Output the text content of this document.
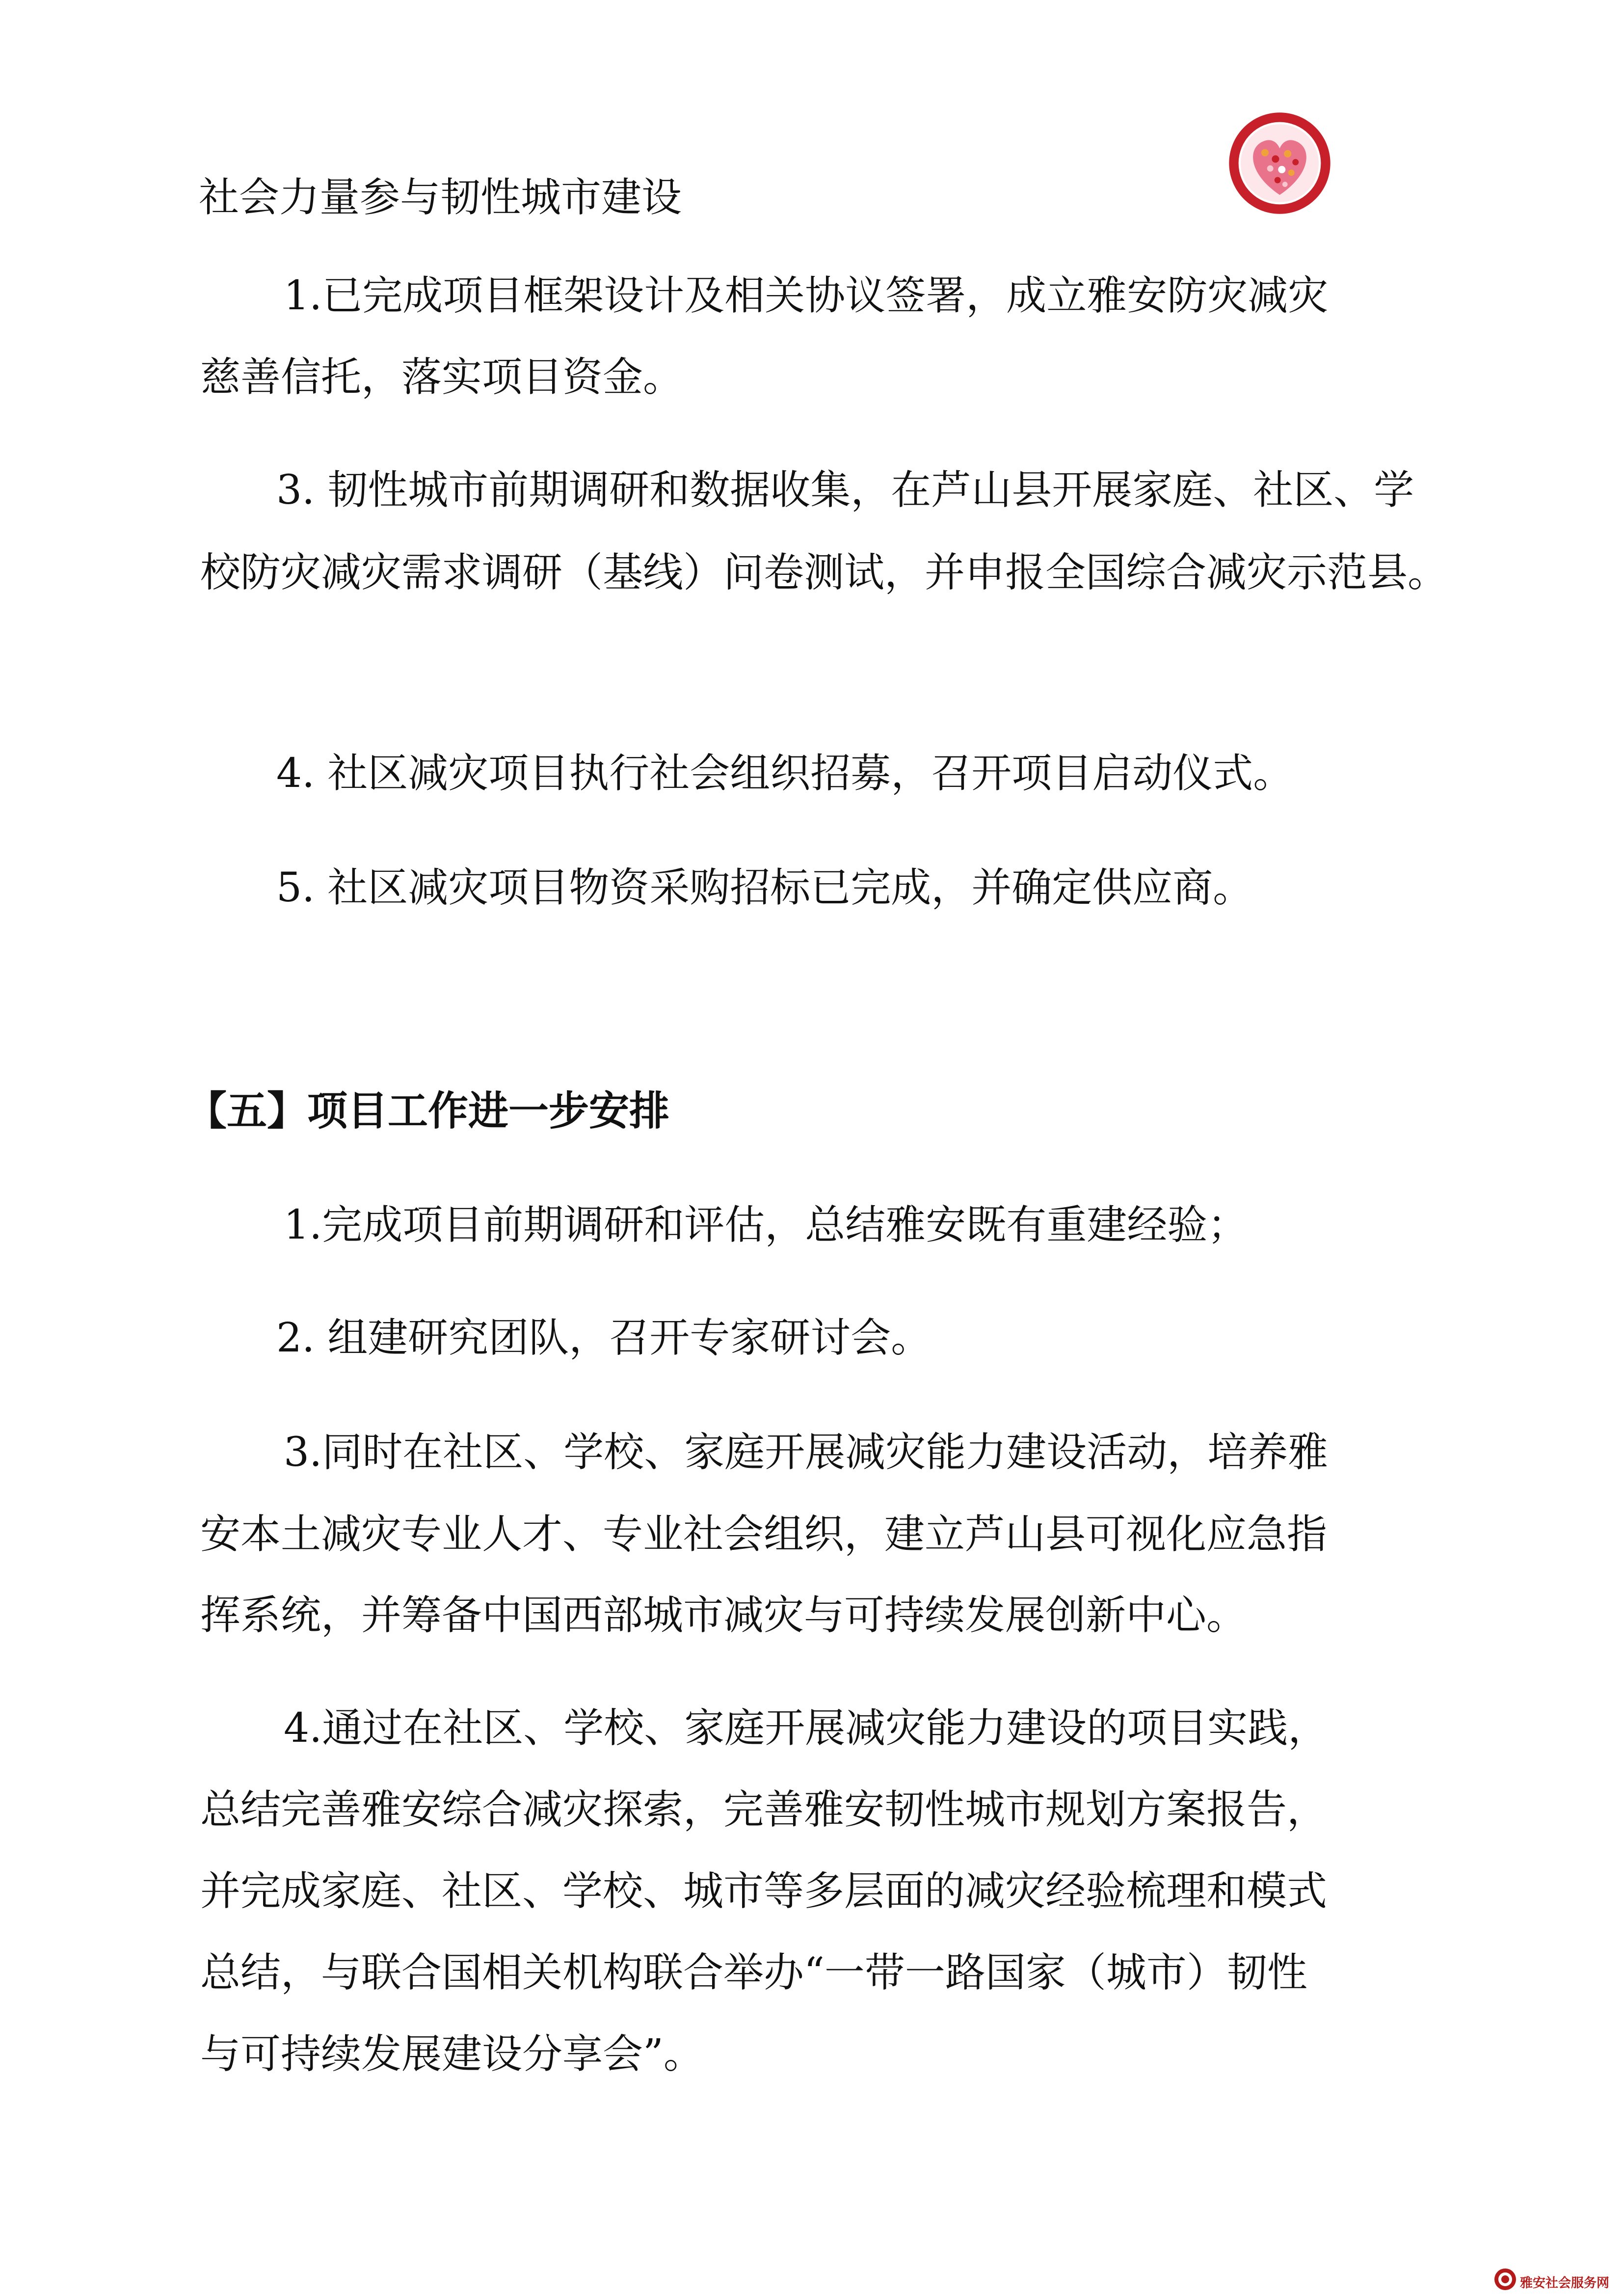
社会力量参与韧性城市建设
1.已完成项目框架设计及相关协议签署，成立雅安防灾减灾
慈善信托，落实项目资金。
3. 韧性城市前期调研和数据收集，在芦山县开展家庭、社区、学
校防灾减灾需求调研（基线）问卷测试，并申报全国综合减灾示范县。
4. 社区减灾项目执行社会组织招募，召开项目启动仪式。
5. 社区减灾项目物资采购招标已完成，并确定供应商。
【五】项目工作进一步安排
1.完成项目前期调研和评估，总结雅安既有重建经验；
2. 组建研究团队，召开专家研讨会。
3.同时在社区、学校、家庭开展减灾能力建设活动，培养雅
安本土减灾专业人才、专业社会组织，建立芦山县可视化应急指
挥系统，并筹备中国西部城市减灾与可持续发展创新中心。
4.通过在社区、学校、家庭开展减灾能力建设的项目实践，
总结完善雅安综合减灾探索，完善雅安韧性城市规划方案报告，
并完成家庭、社区、学校、城市等多层面的减灾经验梳理和模式
总结，与联合国相关机构联合举办“一带一路国家（城市）韧性
与可持续发展建设分享会”。
雅安社会服务网
